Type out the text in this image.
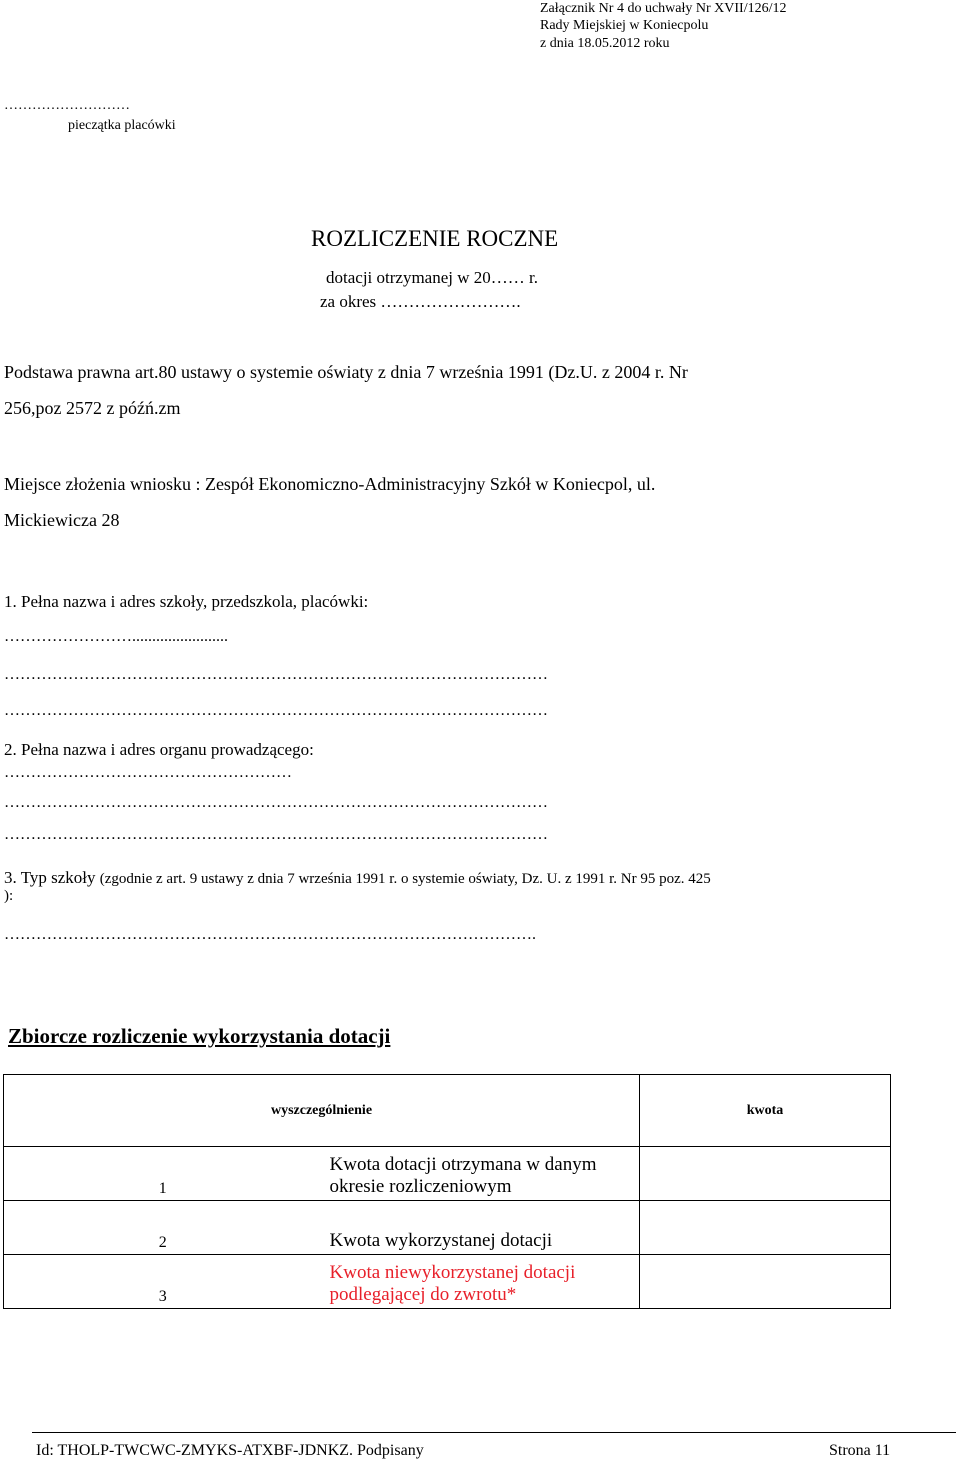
Załącznik Nr 4 do uchwały Nr XVII/126/12
Rady Miejskiej w Koniecpolu
z dnia 18.05.2012 roku
………………………
pieczątka placówki
ROZLICZENIE ROCZNE
dotacji otrzymanej w 20…… r.
za okres …………………….
Podstawa prawna art.80 ustawy o systemie oświaty z dnia 7 września 1991 (Dz.U. z 2004 r. Nr
256,poz 2572 z późń.zm
Miejsce złożenia wniosku : Zespół Ekonomiczno-Administracyjny Szkół w Koniecpol, ul.
Mickiewicza 28
1. Pełna nazwa i adres szkoły, przedszkola, placówki:
……………………........................
…………………………………………………………………………………………
…………………………………………………………………………………………
2. Pełna nazwa i adres organu prowadzącego:
………………………………………………
…………………………………………………………………………………………
…………………………………………………………………………………………
3. Typ szkoły (zgodnie z art. 9 ustawy z dnia 7 września 1991 r. o systemie oświaty, Dz. U. z 1991 r. Nr 95 poz. 425
):
……………………………………………………………………………………….
Zbiorcze rozliczenie wykorzystania dotacji
wyszczególnienie		kwota
1	Kwota dotacji otrzymana w danym okresie rozliczeniowym	
2	Kwota wykorzystanej dotacji	
3	Kwota niewykorzystanej dotacji podlegającej do zwrotu*	
Id: THOLP-TWCWC-ZMYKS-ATXBF-JDNKZ. Podpisany	Strona 11
